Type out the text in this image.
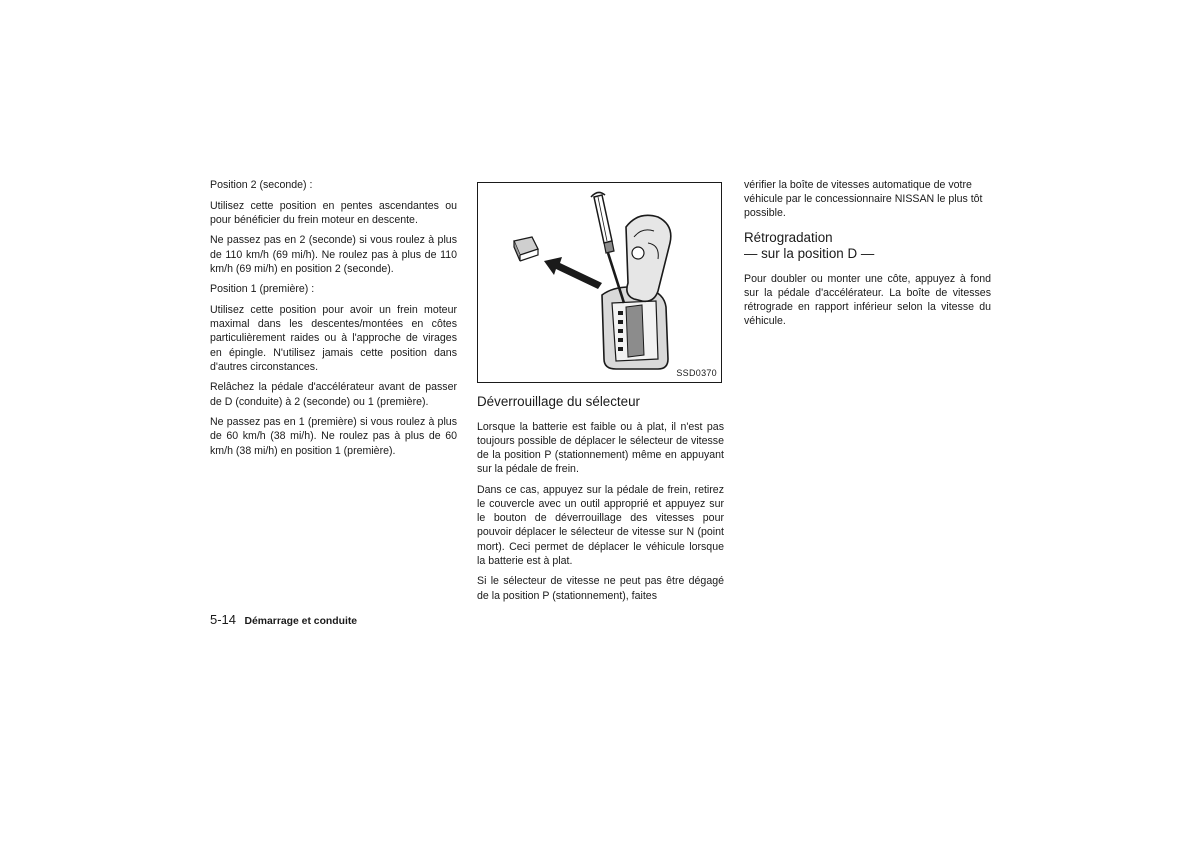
Position 2 (seconde) :

Utilisez cette position en pentes ascendantes ou pour bénéficier du frein moteur en descente.

Ne passez pas en 2 (seconde) si vous roulez à plus de 110 km/h (69 mi/h). Ne roulez pas à plus de 110 km/h (69 mi/h) en position 2 (seconde).

Position 1 (première) :

Utilisez cette position pour avoir un frein moteur maximal dans les descentes/montées en côtes particulièrement raides ou à l'approche de virages en épingle. N'utilisez jamais cette position dans d'autres circonstances.

Relâchez la pédale d'accélérateur avant de passer de D (conduite) à 2 (seconde) ou 1 (première).

Ne passez pas en 1 (première) si vous roulez à plus de 60 km/h (38 mi/h). Ne roulez pas à plus de 60 km/h (38 mi/h) en position 1 (première).

SSD0370
Déverrouillage du sélecteur

Lorsque la batterie est faible ou à plat, il n'est pas toujours possible de déplacer le sélecteur de vitesse de la position P (stationnement) même en appuyant sur la pédale de frein.

Dans ce cas, appuyez sur la pédale de frein, retirez le couvercle avec un outil approprié et appuyez sur le bouton de déverrouillage des vitesses pour pouvoir déplacer le sélecteur de vitesse sur N (point mort). Ceci permet de déplacer le véhicule lorsque la batterie est à plat.

Si le sélecteur de vitesse ne peut pas être dégagé de la position P (stationnement), faites

vérifier la boîte de vitesses automatique de votre véhicule par le concessionnaire NISSAN le plus tôt possible.

Rétrogradation
— sur la position D —

Pour doubler ou monter une côte, appuyez à fond sur la pédale d'accélérateur. La boîte de vitesses rétrograde en rapport inférieur selon la vitesse du véhicule.

5-14 Démarrage et conduite
